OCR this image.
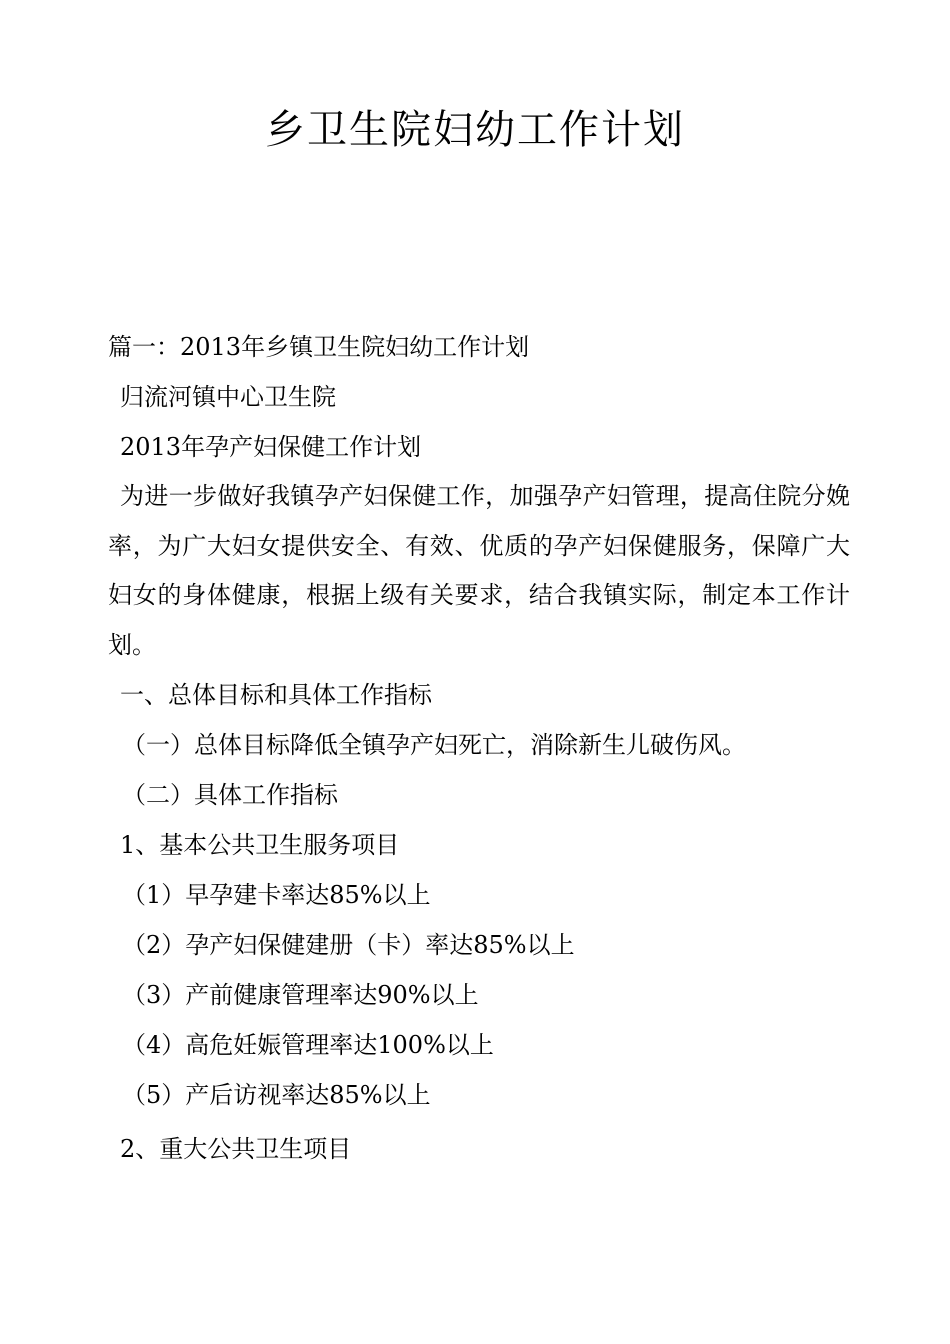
乡卫生院妇幼工作计划

篇一：2013年乡镇卫生院妇幼工作计划

归流河镇中心卫生院

2013年孕产妇保健工作计划

为进一步做好我镇孕产妇保健工作，加强孕产妇管理，提高住院分娩率，为广大妇女提供安全、有效、优质的孕产妇保健服务，保障广大妇女的身体健康，根据上级有关要求，结合我镇实际，制定本工作计划。

一、总体目标和具体工作指标

（一）总体目标降低全镇孕产妇死亡，消除新生儿破伤风。

（二）具体工作指标

1、基本公共卫生服务项目

（1）早孕建卡率达85%以上

（2）孕产妇保健建册（卡）率达85%以上

（3）产前健康管理率达90%以上

（4）高危妊娠管理率达100%以上

（5）产后访视率达85%以上

2、重大公共卫生项目
